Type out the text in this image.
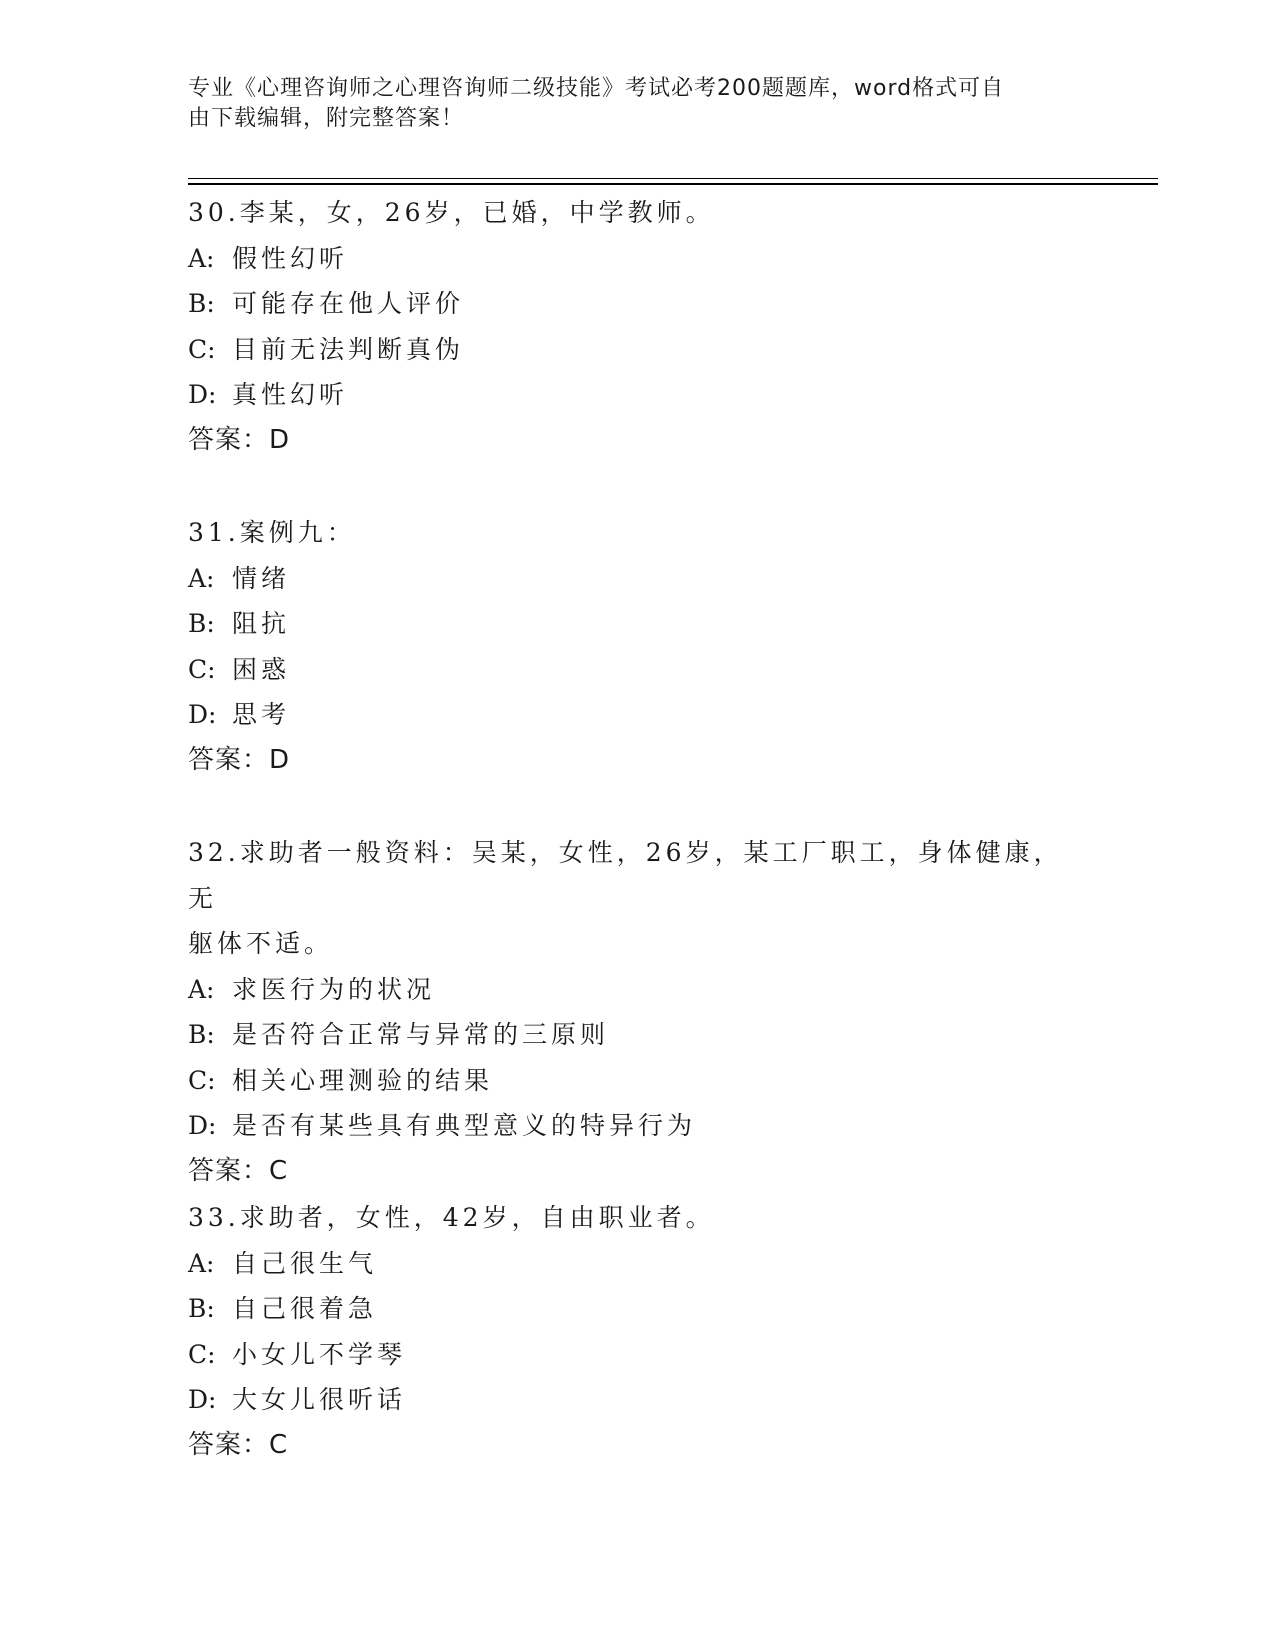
专业《心理咨询师之心理咨询师二级技能》考试必考200题题库，word格式可自
由下载编辑，附完整答案！
30.李某，女，26岁，已婚，中学教师。
A: 假性幻听
B: 可能存在他人评价
C: 目前无法判断真伪
D: 真性幻听
答案：D
31.案例九：
A: 情绪
B: 阻抗
C: 困惑
D: 思考
答案：D
32.求助者一般资料：吴某，女性，26岁，某工厂职工，身体健康，无
躯体不适。
A: 求医行为的状况
B: 是否符合正常与异常的三原则
C: 相关心理测验的结果
D: 是否有某些具有典型意义的特异行为
答案：C
33.求助者，女性，42岁，自由职业者。
A: 自己很生气
B: 自己很着急
C: 小女儿不学琴
D: 大女儿很听话
答案：C
